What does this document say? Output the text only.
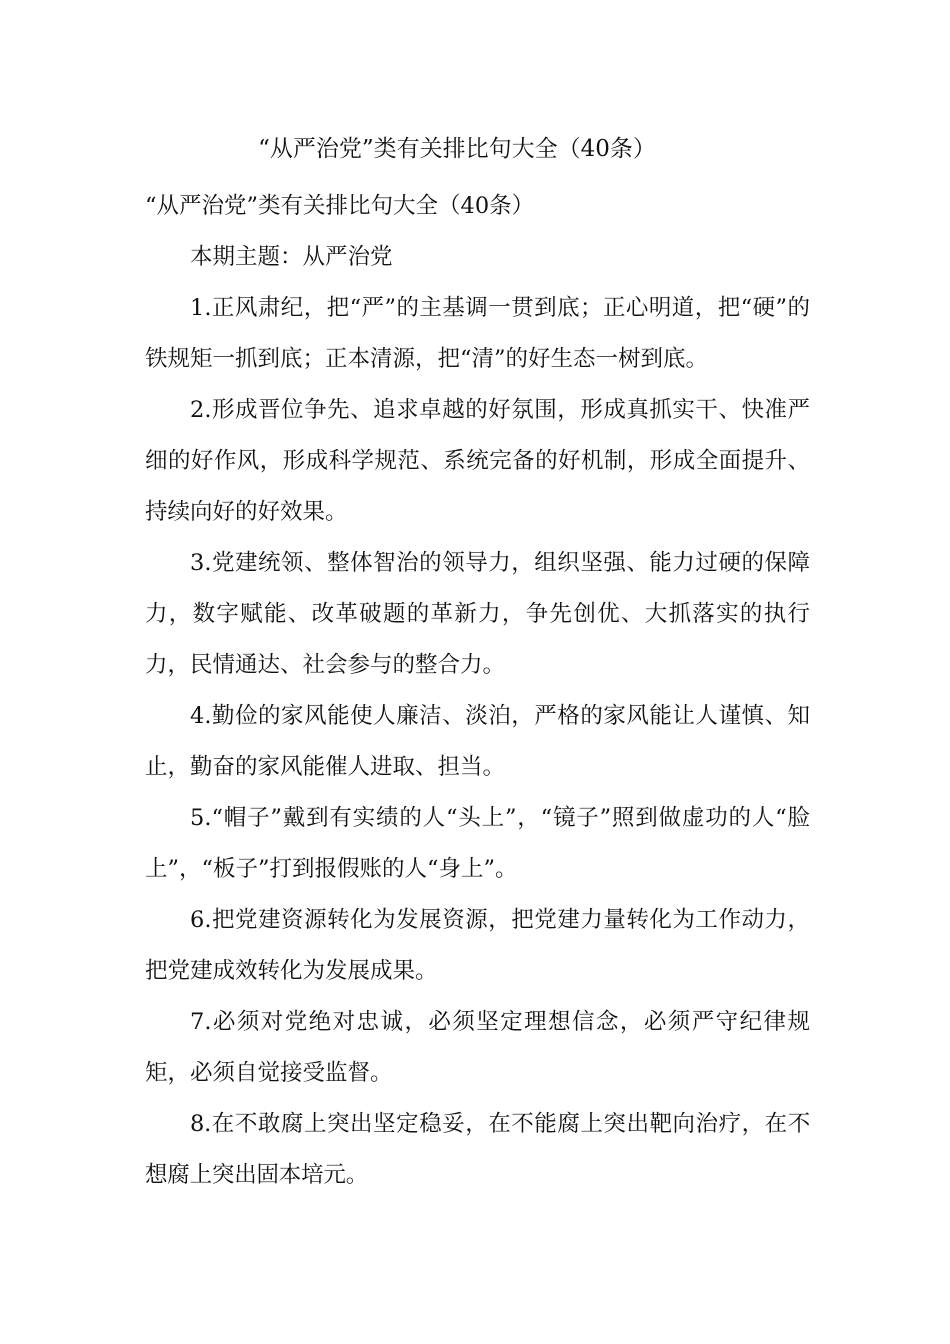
“从严治党”类有关排比句大全（40条）

“从严治党”类有关排比句大全（40条）

本期主题：从严治党

1.正风肃纪，把“严”的主基调一贯到底；正心明道，把“硬”的铁规矩一抓到底；正本清源，把“清”的好生态一树到底。

2.形成晋位争先、追求卓越的好氛围，形成真抓实干、快准严细的好作风，形成科学规范、系统完备的好机制，形成全面提升、持续向好的好效果。

3.党建统领、整体智治的领导力，组织坚强、能力过硬的保障力，数字赋能、改革破题的革新力，争先创优、大抓落实的执行力，民情通达、社会参与的整合力。

4.勤俭的家风能使人廉洁、淡泊，严格的家风能让人谨慎、知止，勤奋的家风能催人进取、担当。

5.“帽子”戴到有实绩的人“头上”，“镜子”照到做虚功的人“脸上”，“板子”打到报假账的人“身上”。

6.把党建资源转化为发展资源，把党建力量转化为工作动力，把党建成效转化为发展成果。

7.必须对党绝对忠诚，必须坚定理想信念，必须严守纪律规矩，必须自觉接受监督。

8.在不敢腐上突出坚定稳妥，在不能腐上突出靶向治疗，在不想腐上突出固本培元。
